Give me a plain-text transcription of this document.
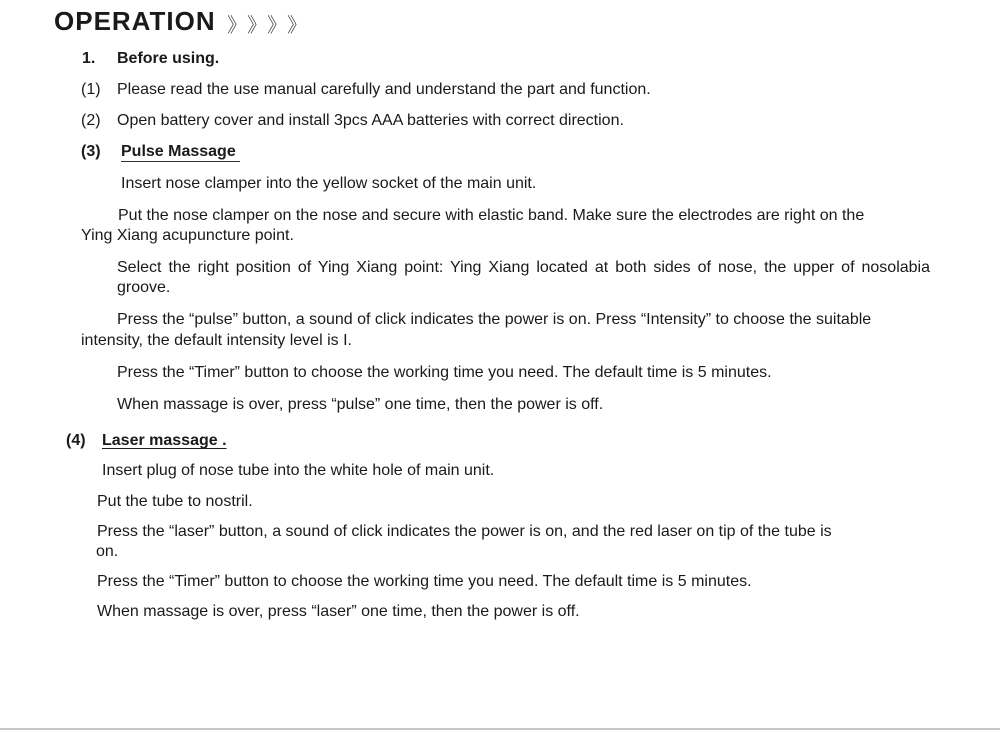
OPERATION 》》》》
1. Before using.
(1) Please read the use manual carefully and understand the part and function.
(2) Open battery cover and install 3pcs AAA batteries with correct direction.
(3) Pulse Massage
Insert nose clamper into the yellow socket of the main unit.
Put the nose clamper on the nose and secure with elastic band. Make sure the electrodes are right on the
Ying Xiang acupuncture point.
Select the right position of Ying Xiang point: Ying Xiang located at both sides of nose, the upper of nosolabia groove.
Press the “pulse” button, a sound of click indicates the power is on. Press “Intensity” to choose the suitable
intensity, the default intensity level is I.
Press the “Timer” button to choose the working time you need. The default time is 5 minutes.
When massage is over, press “pulse” one time, then the power is off.
(4) Laser massage .
Insert plug of nose tube into the white hole of main unit.
Put the tube to nostril.
Press the “laser” button, a sound of click indicates the power is on, and the red laser on tip of the tube is
on.
Press the “Timer” button to choose the working time you need. The default time is 5 minutes.
When massage is over, press “laser” one time, then the power is off.
